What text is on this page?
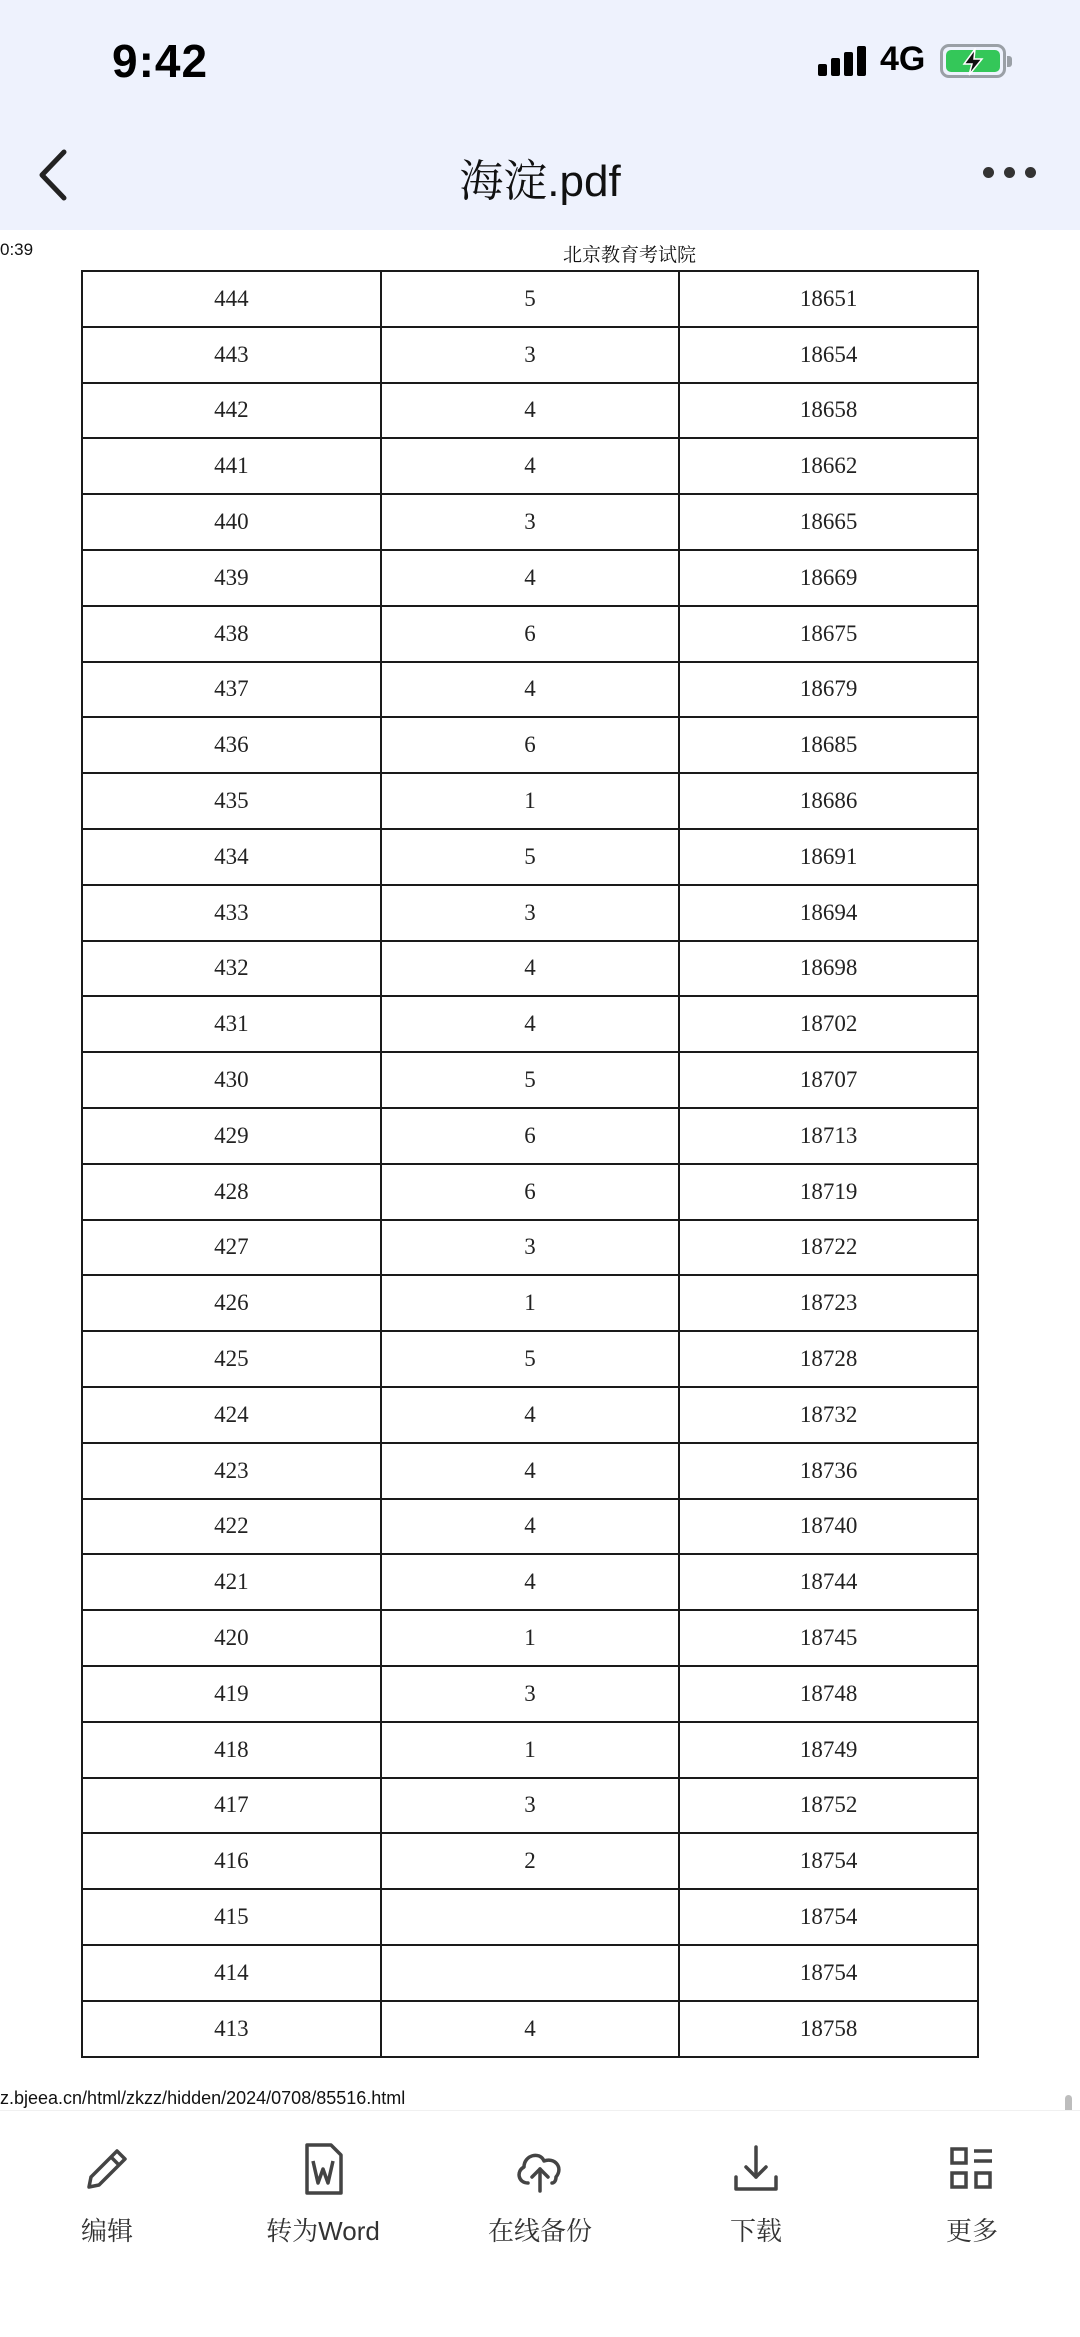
9:42	4G
海淀.pdf
0:39	北京教育考试院
444	5	18651
443	3	18654
442	4	18658
441	4	18662
440	3	18665
439	4	18669
438	6	18675
437	4	18679
436	6	18685
435	1	18686
434	5	18691
433	3	18694
432	4	18698
431	4	18702
430	5	18707
429	6	18713
428	6	18719
427	3	18722
426	1	18723
425	5	18728
424	4	18732
423	4	18736
422	4	18740
421	4	18744
420	1	18745
419	3	18748
418	1	18749
417	3	18752
416	2	18754
415		18754
414		18754
413	4	18758
z.bjeea.cn/html/zkzz/hidden/2024/0708/85516.html
编辑	转为Word	在线备份	下载	更多
